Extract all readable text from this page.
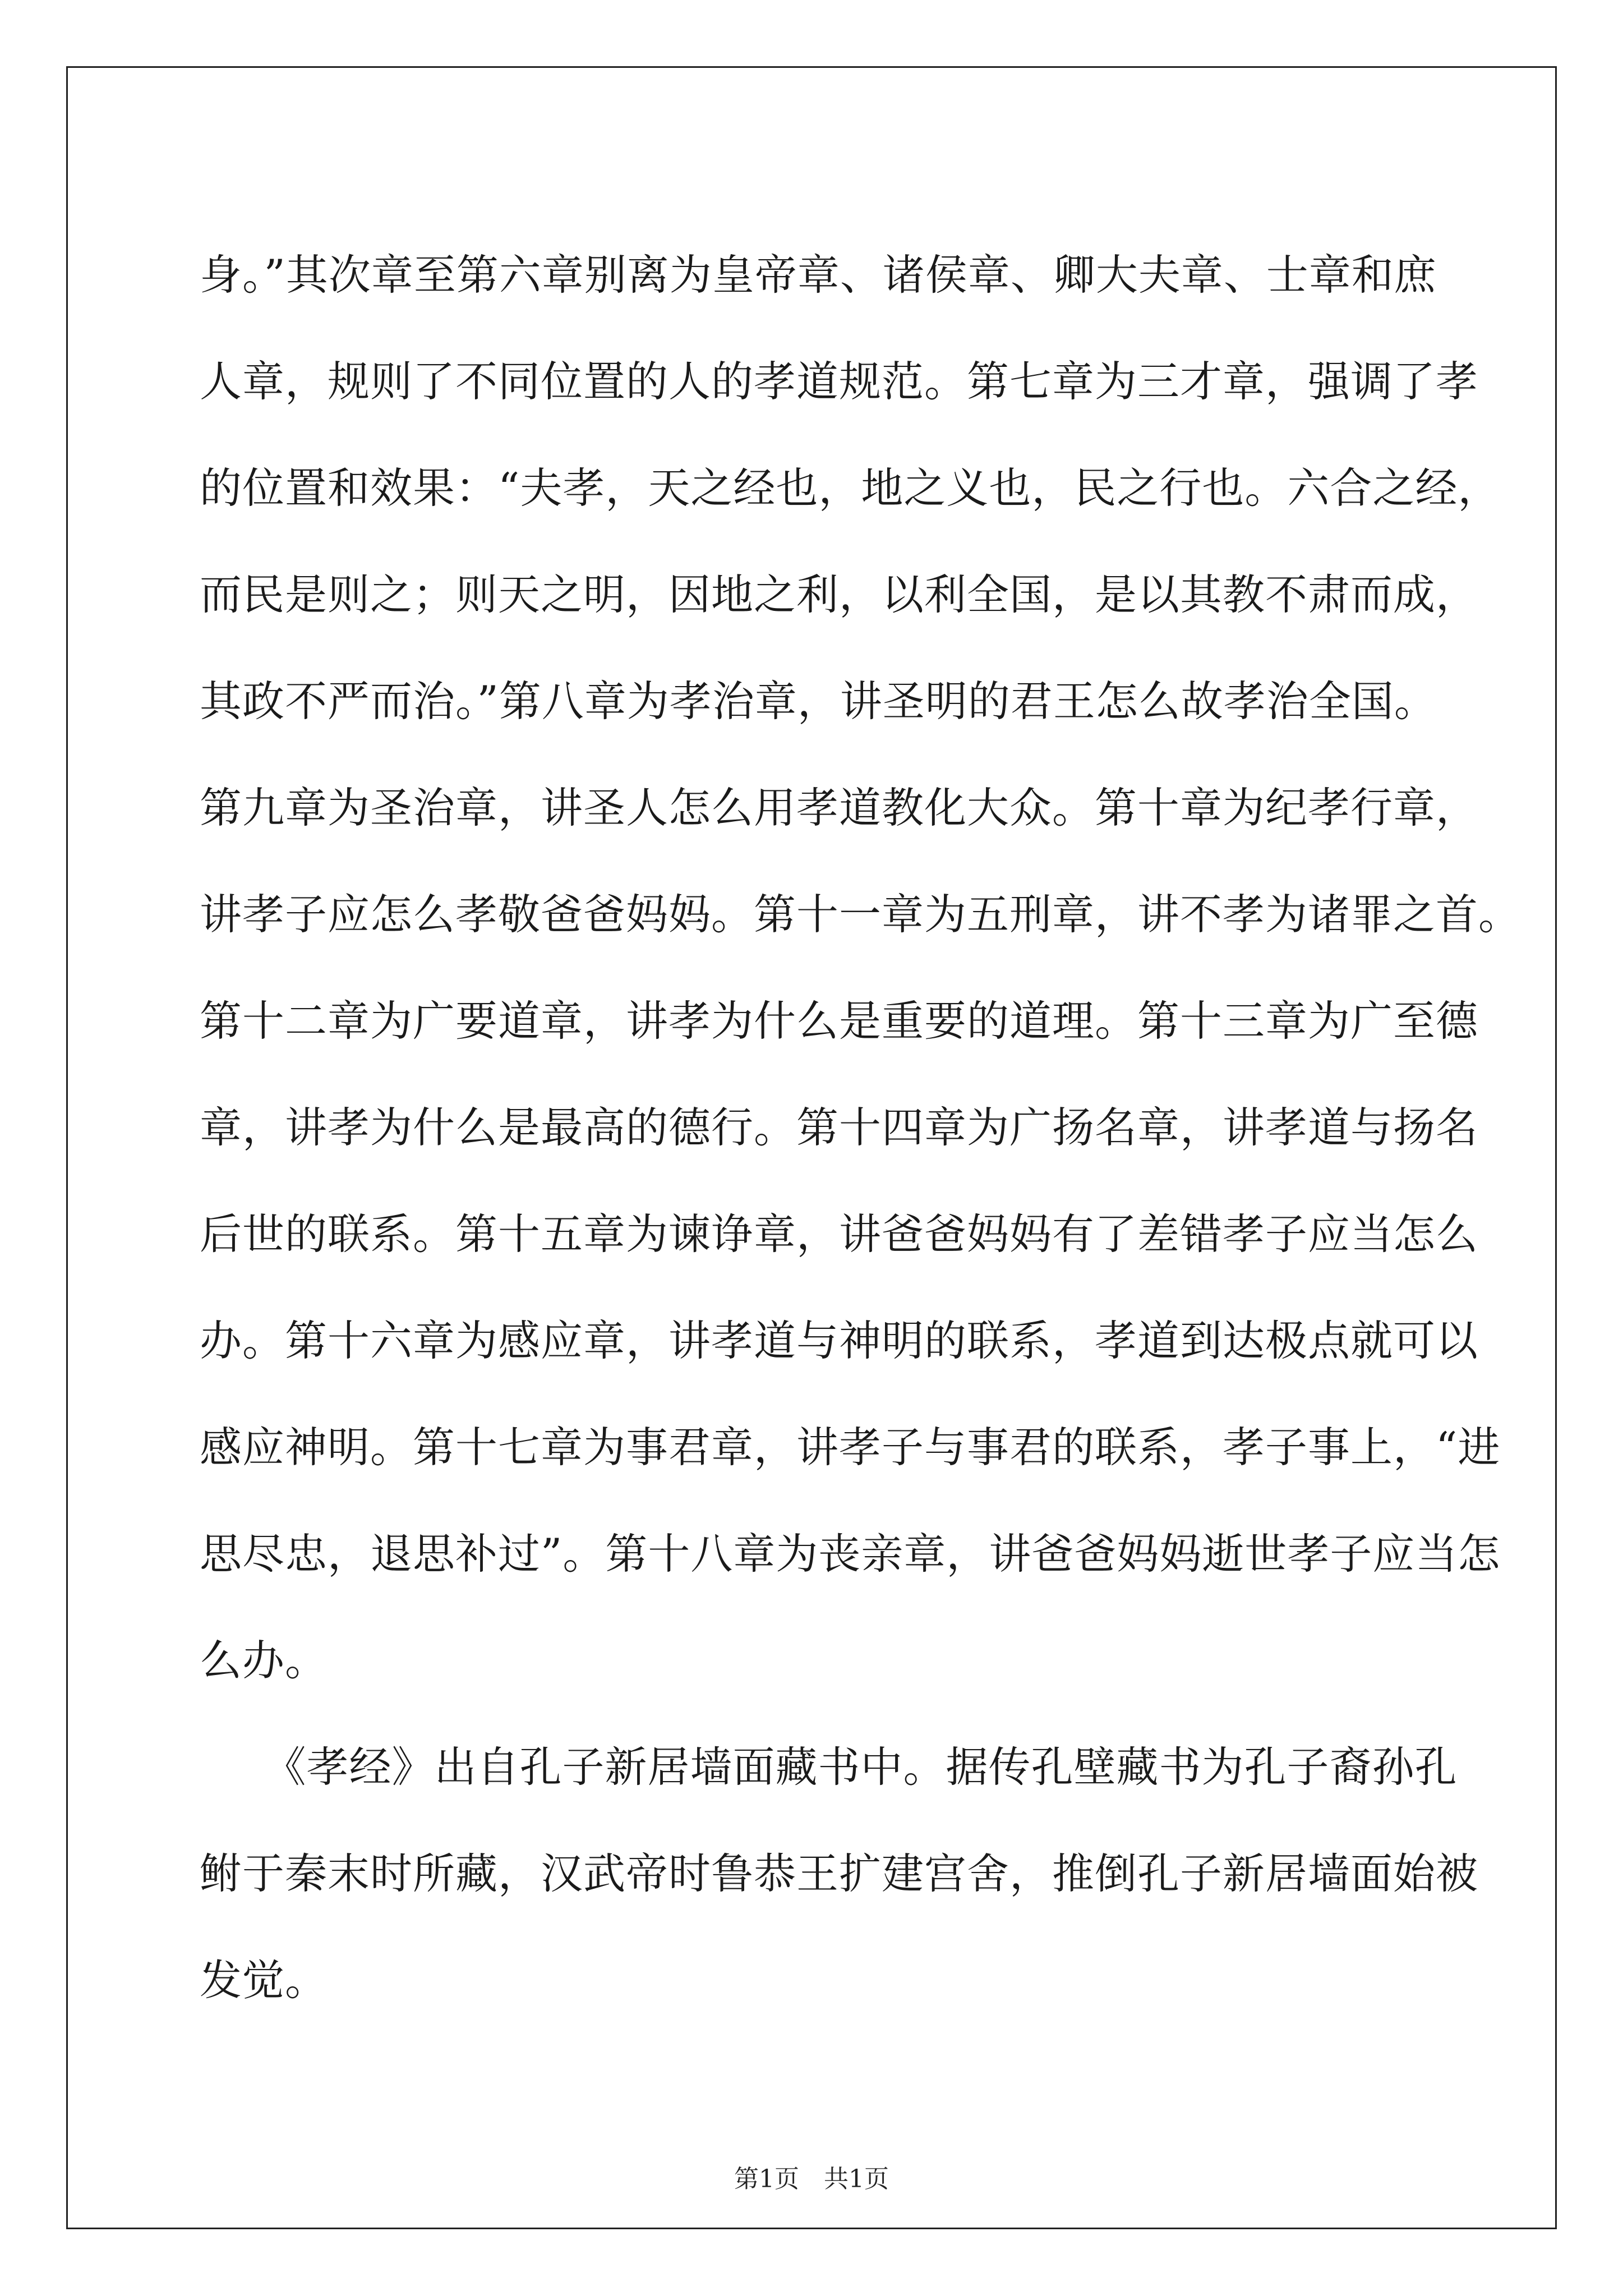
身。”其次章至第六章别离为皇帝章、诸侯章、卿大夫章、士章和庶
人章，规则了不同位置的人的孝道规范。第七章为三才章，强调了孝
的位置和效果：“夫孝，天之经也，地之义也，民之行也。六合之经，
而民是则之；则天之明，因地之利，以利全国，是以其教不肃而成，
其政不严而治。”第八章为孝治章，讲圣明的君王怎么故孝治全国。
第九章为圣治章，讲圣人怎么用孝道教化大众。第十章为纪孝行章，
讲孝子应怎么孝敬爸爸妈妈。第十一章为五刑章，讲不孝为诸罪之首。
第十二章为广要道章，讲孝为什么是重要的道理。第十三章为广至德
章，讲孝为什么是最高的德行。第十四章为广扬名章，讲孝道与扬名
后世的联系。第十五章为谏诤章，讲爸爸妈妈有了差错孝子应当怎么
办。第十六章为感应章，讲孝道与神明的联系，孝道到达极点就可以
感应神明。第十七章为事君章，讲孝子与事君的联系，孝子事上，“进
思尽忠，退思补过”。第十八章为丧亲章，讲爸爸妈妈逝世孝子应当怎
么办。
　　《孝经》出自孔子新居墙面藏书中。据传孔壁藏书为孔子裔孙孔
鲋于秦末时所藏，汉武帝时鲁恭王扩建宫舍，推倒孔子新居墙面始被
发觉。
第1页　共1页
